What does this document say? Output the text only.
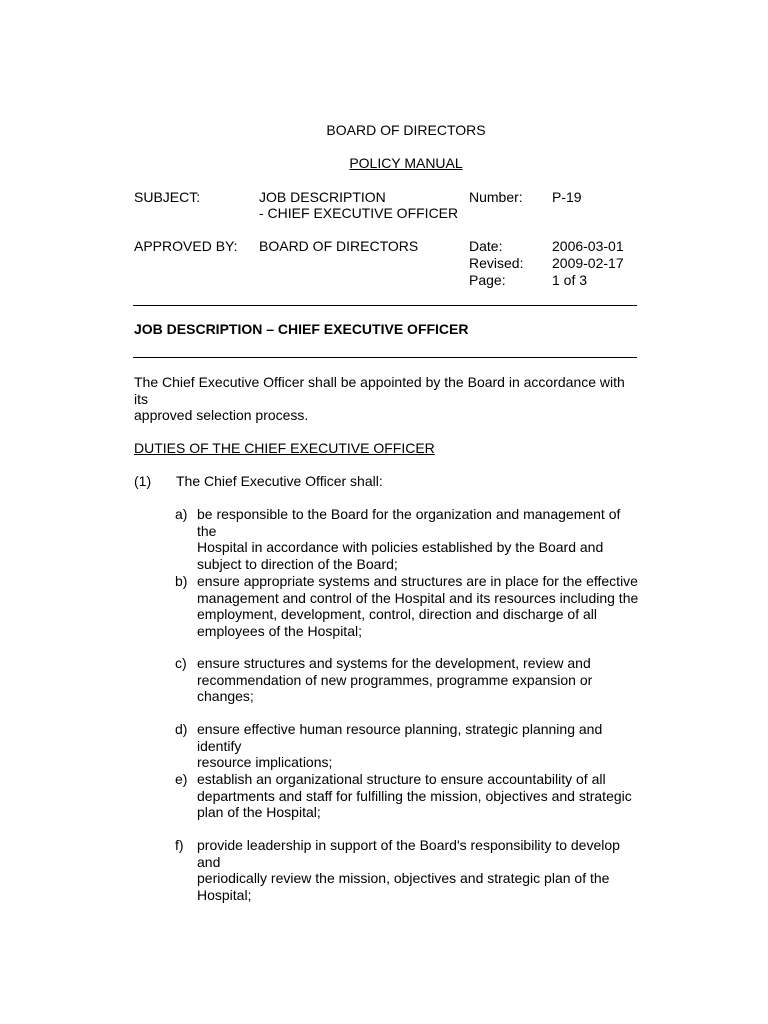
BOARD OF DIRECTORS
POLICY MANUAL
SUBJECT:	JOB DESCRIPTION
- CHIEF EXECUTIVE OFFICER
Number: P-19
APPROVED BY: BOARD OF DIRECTORS	Date:	2006-03-01
Revised: 2009-02-17
Page:	1 of 3
JOB DESCRIPTION – CHIEF EXECUTIVE OFFICER
The Chief Executive Officer shall be appointed by the Board in accordance with its
approved selection process.
DUTIES OF THE CHIEF EXECUTIVE OFFICER
(1) The Chief Executive Officer shall:
a) be responsible to the Board for the organization and management of the
Hospital in accordance with policies established by the Board and
subject to direction of the Board;
b) ensure appropriate systems and structures are in place for the effective
management and control of the Hospital and its resources including the
employment, development, control, direction and discharge of all
employees of the Hospital;
c) ensure structures and systems for the development, review and
recommendation of new programmes, programme expansion or
changes;
d) ensure effective human resource planning, strategic planning and identify
resource implications;
e) establish an organizational structure to ensure accountability of all
departments and staff for fulfilling the mission, objectives and strategic
plan of the Hospital;
f) provide leadership in support of the Board's responsibility to develop and
periodically review the mission, objectives and strategic plan of the
Hospital;
